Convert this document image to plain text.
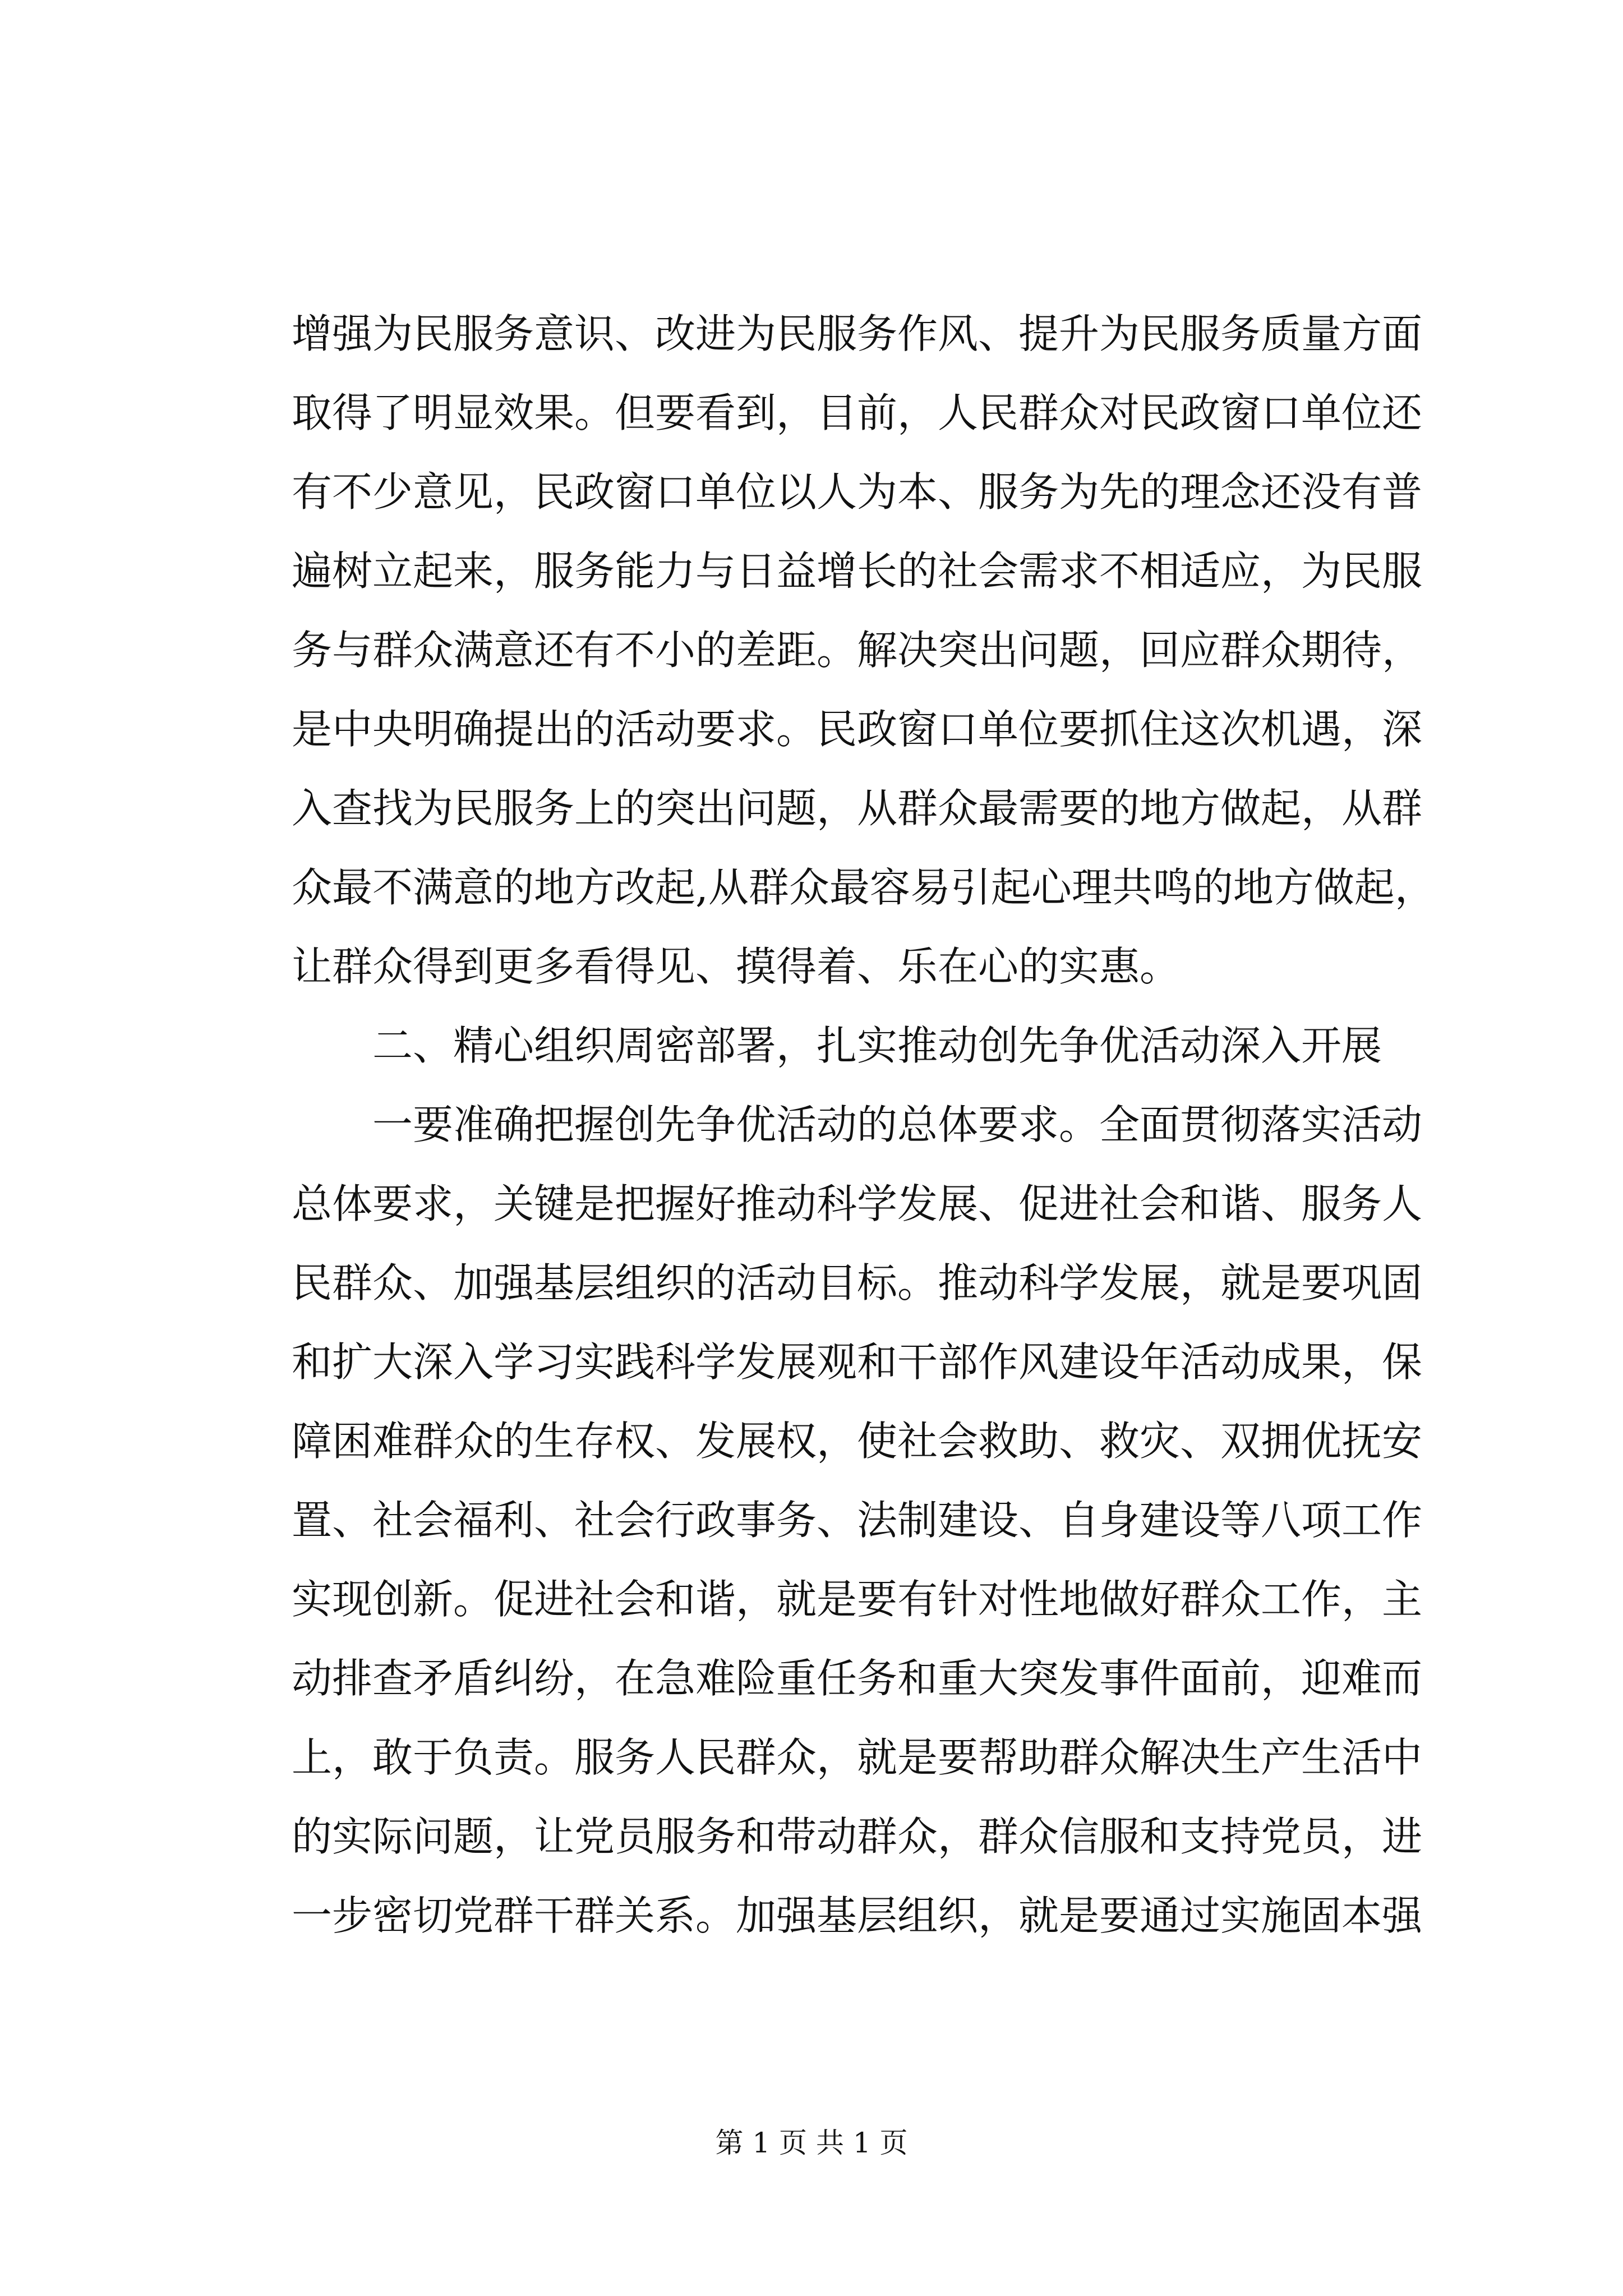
增强为民服务意识、改进为民服务作风、提升为民服务质量方面
取得了明显效果。但要看到，目前，人民群众对民政窗口单位还
有不少意见，民政窗口单位以人为本、服务为先的理念还没有普
遍树立起来，服务能力与日益增长的社会需求不相适应，为民服
务与群众满意还有不小的差距。解决突出问题，回应群众期待，
是中央明确提出的活动要求。民政窗口单位要抓住这次机遇，深
入查找为民服务上的突出问题，从群众最需要的地方做起，从群
众最不满意的地方改起,从群众最容易引起心理共鸣的地方做起，
让群众得到更多看得见、摸得着、乐在心的实惠。
二、精心组织周密部署，扎实推动创先争优活动深入开展
一要准确把握创先争优活动的总体要求。全面贯彻落实活动
总体要求，关键是把握好推动科学发展、促进社会和谐、服务人
民群众、加强基层组织的活动目标。推动科学发展，就是要巩固
和扩大深入学习实践科学发展观和干部作风建设年活动成果，保
障困难群众的生存权、发展权，使社会救助、救灾、双拥优抚安
置、社会福利、社会行政事务、法制建设、自身建设等八项工作
实现创新。促进社会和谐，就是要有针对性地做好群众工作，主
动排查矛盾纠纷，在急难险重任务和重大突发事件面前，迎难而
上，敢于负责。服务人民群众，就是要帮助群众解决生产生活中
的实际问题，让党员服务和带动群众，群众信服和支持党员，进
一步密切党群干群关系。加强基层组织，就是要通过实施固本强
第 1 页 共 1 页
